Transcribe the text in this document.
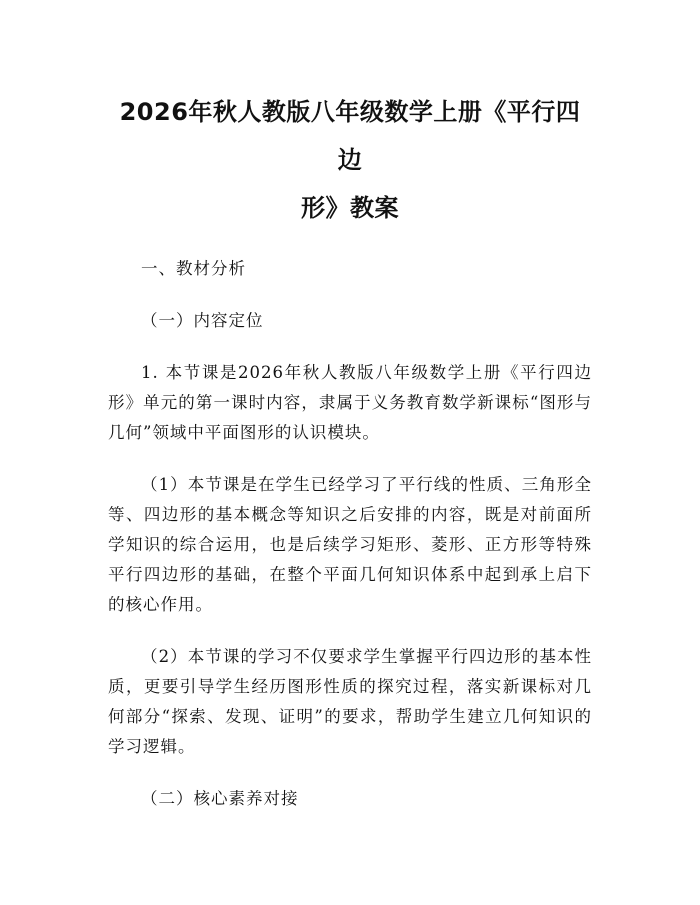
2026年秋人教版八年级数学上册《平行四边
形》教案

一、教材分析

（一）内容定位

1. 本节课是2026年秋人教版八年级数学上册《平行四边形》单元的第一课时内容，隶属于义务教育数学新课标“图形与几何”领域中平面图形的认识模块。

（1）本节课是在学生已经学习了平行线的性质、三角形全等、四边形的基本概念等知识之后安排的内容，既是对前面所学知识的综合运用，也是后续学习矩形、菱形、正方形等特殊平行四边形的基础，在整个平面几何知识体系中起到承上启下的核心作用。

（2）本节课的学习不仅要求学生掌握平行四边形的基本性质，更要引导学生经历图形性质的探究过程，落实新课标对几何部分“探索、发现、证明”的要求，帮助学生建立几何知识的学习逻辑。

（二）核心素养对接
